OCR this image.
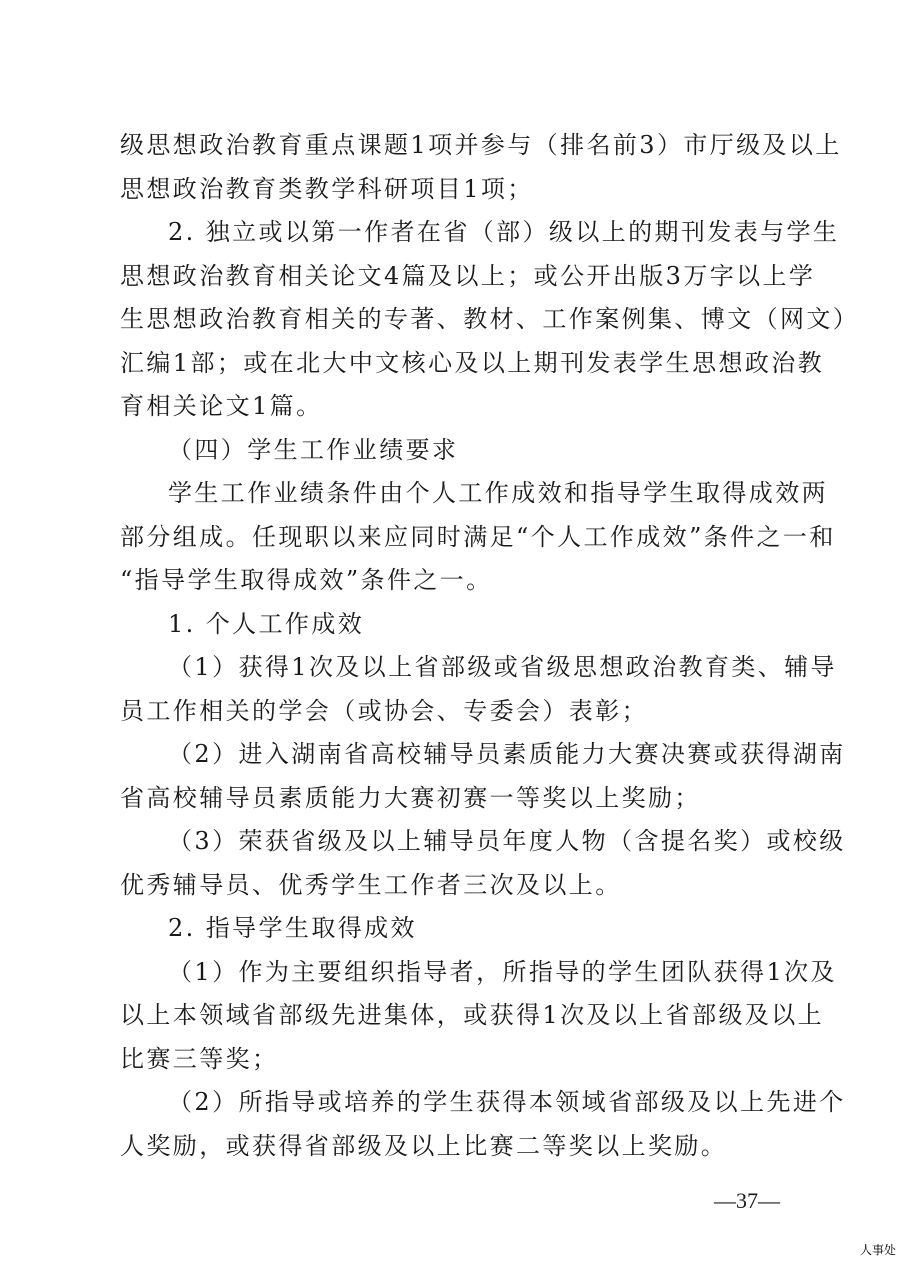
级思想政治教育重点课题1项并参与（排名前3）市厅级及以上
思想政治教育类教学科研项目1项；
2. 独立或以第一作者在省（部）级以上的期刊发表与学生
思想政治教育相关论文4篇及以上；或公开出版3万字以上学
生思想政治教育相关的专著、教材、工作案例集、博文（网文）
汇编1部；或在北大中文核心及以上期刊发表学生思想政治教
育相关论文1篇。
（四）学生工作业绩要求
学生工作业绩条件由个人工作成效和指导学生取得成效两
部分组成。任现职以来应同时满足“个人工作成效”条件之一和
“指导学生取得成效”条件之一。
1. 个人工作成效
（1）获得1次及以上省部级或省级思想政治教育类、辅导
员工作相关的学会（或协会、专委会）表彰；
（2）进入湖南省高校辅导员素质能力大赛决赛或获得湖南
省高校辅导员素质能力大赛初赛一等奖以上奖励；
（3）荣获省级及以上辅导员年度人物（含提名奖）或校级
优秀辅导员、优秀学生工作者三次及以上。
2. 指导学生取得成效
（1）作为主要组织指导者，所指导的学生团队获得1次及
以上本领域省部级先进集体，或获得1次及以上省部级及以上
比赛三等奖；
（2）所指导或培养的学生获得本领域省部级及以上先进个
人奖励，或获得省部级及以上比赛二等奖以上奖励。
—37—
人事处
